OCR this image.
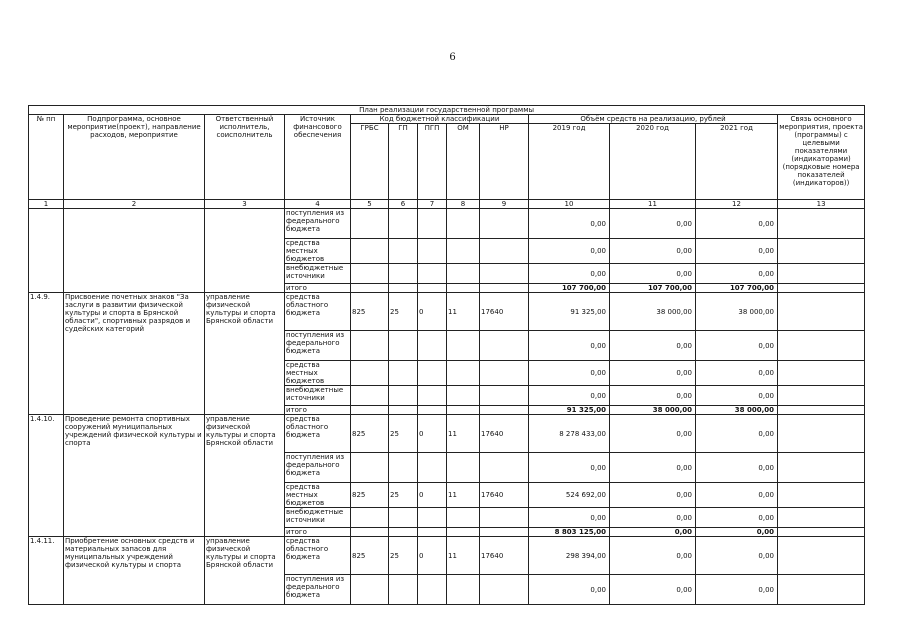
6
План реализации государственной программы												
№ пп	Подпрограмма, основное мероприятие(проект), направление расходов, мероприятие	Ответственный исполнитель, соисполнитель	Источник финансового обеспечения	Код бюджетной классификации					Объём средств на реализацию, рублей			Связь основного мероприятия, проекта (программы) с целевыми показателями (индикаторами) (порядковые номера показателей (индикаторов))
				ГРБС	ГП	ПГП	ОМ	НР	2019 год	2020 год	2021 год	
1	2	3	4	5	6	7	8	9	10	11	12	13
			поступления из федерального бюджета						0,00	0,00	0,00	
			средства местных бюджетов						0,00	0,00	0,00	
			внебюджетные источники						0,00	0,00	0,00	
			итого						107 700,00	107 700,00	107 700,00	
1.4.9.	Присвоение почетных знаков "За заслуги в развитии физической культуры и спорта в Брянской области", спортивных разрядов и судейских категорий	управление физической культуры и спорта Брянской области	средства областного бюджета	825	25	0	11	17640	91 325,00	38 000,00	38 000,00	
			поступления из федерального бюджета						0,00	0,00	0,00	
			средства местных бюджетов						0,00	0,00	0,00	
			внебюджетные источники						0,00	0,00	0,00	
			итого						91 325,00	38 000,00	38 000,00	
1.4.10.	Проведение ремонта спортивных сооружений муниципальных учреждений физической культуры и спорта	управление физической культуры и спорта Брянской области	средства областного бюджета	825	25	0	11	17640	8 278 433,00	0,00	0,00	
			поступления из федерального бюджета						0,00	0,00	0,00	
			средства местных бюджетов	825	25	0	11	17640	524 692,00	0,00	0,00	
			внебюджетные источники						0,00	0,00	0,00	
			итого						8 803 125,00	0,00	0,00	
1.4.11.	Приобретение основных средств и материальных запасов для муниципальных учреждений физической культуры и спорта	управление физической культуры и спорта Брянской области	средства областного бюджета	825	25	0	11	17640	298 394,00	0,00	0,00	
			поступления из федерального бюджета						0,00	0,00	0,00	
